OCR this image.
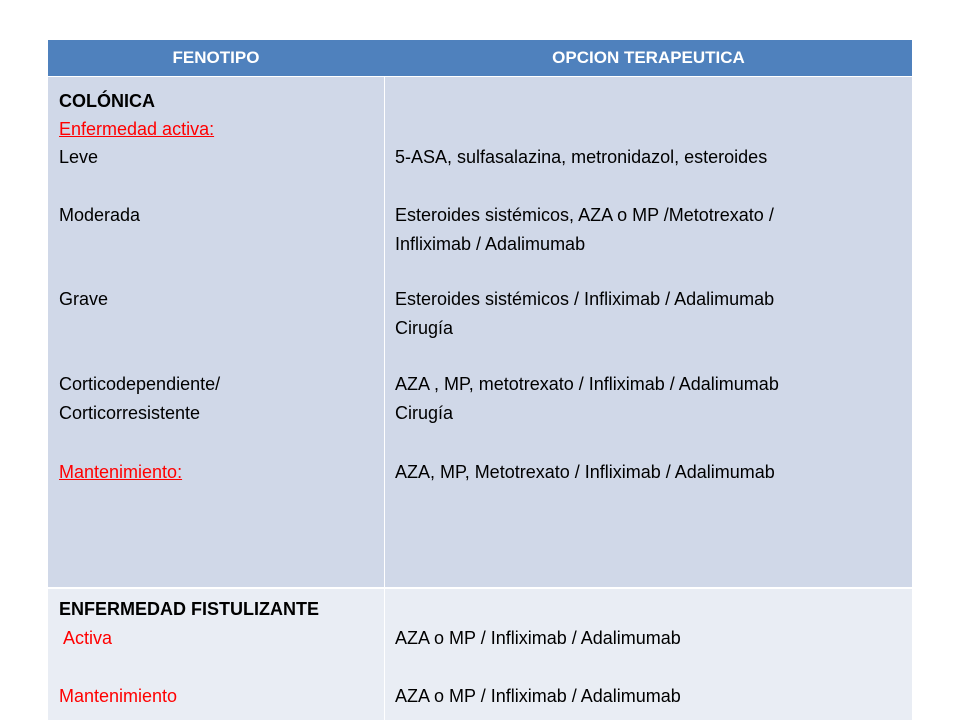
FENOTIPO	OPCION TERAPEUTICA
COLÓNICA
Enfermedad activa:
Leve
Moderada
Grave
Corticodependiente/
Corticorresistente
Mantenimiento:
5-ASA, sulfasalazina, metronidazol, esteroides
Esteroides sistémicos, AZA o MP /Metotrexato /
Infliximab / Adalimumab
Esteroides sistémicos / Infliximab / Adalimumab
Cirugía
AZA , MP, metotrexato / Infliximab / Adalimumab
Cirugía
AZA, MP, Metotrexato / Infliximab / Adalimumab
ENFERMEDAD FISTULIZANTE
Activa
Mantenimiento
AZA o MP / Infliximab / Adalimumab
AZA o MP / Infliximab / Adalimumab
